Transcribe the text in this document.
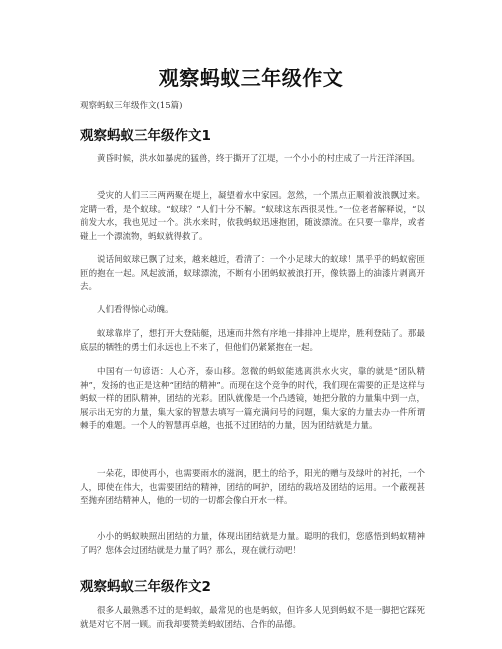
观察蚂蚁三年级作文
观察蚂蚁三年级作文(15篇)
观察蚂蚁三年级作文1
黄昏时候，洪水如暴虎的猛兽，终于撕开了江堤，一个小小的村庄成了一片汪洋泽国。
受灾的人们三三两两聚在堤上，凝望着水中家园。忽然，一个黑点正顺着波浪飘过来。定睛一看，是个蚁球。“蚁球？”人们十分不解。“蚁球这东西很灵性。”一位老者解释说，“以前发大水，我也见过一个。洪水来时，依我蚂蚁迅速抱团，随波漂流。在只要一靠岸，或者碰上一个漂流物，蚂蚁就得救了。
说话间蚁球已飘了过来，越来越近，看清了：一个小足球大的蚁球！黑乎乎的蚂蚁密匝匝的抱在一起。风起波涌，蚁球漂流，不断有小团蚂蚁被浪打开，像铁器上的油漆片剥离开去。
人们看得惊心动魄。
蚁球靠岸了，想打开大登陆艇，迅速而井然有序地一排排冲上堤岸，胜利登陆了。那最底层的牺牲的勇士们永远也上不来了，但他们仍紧紧抱在一起。
中国有一句谚语：人心齐，泰山移。忽微的蚂蚁能逃离洪水火灾，靠的就是“团队精神”，发扬的也正是这种“团结的精神”。而现在这个竞争的时代，我们现在需要的正是这样与蚂蚁一样的团队精神，团结的光彩。团队就像是一个凸透镜，她把分散的力量集中到一点，展示出无穷的力量，集大家的智慧去填写一篇充满问号的问题，集大家的力量去办一件所谓棘手的难题。一个人的智慧再卓越，也抵不过团结的力量，因为团结就是力量。
一朵花，即使再小，也需要雨水的滋润，肥土的给予，阳光的赠与及绿叶的衬托，一个人，即使在伟大，也需要团结的精神，团结的呵护，团结的栽培及团结的运用。一个蔽视甚至抛弃团结精神人，他的一切的一切都会像白开水一样。
小小的蚂蚁映照出团结的力量，体现出团结就是力量。聪明的我们，您感悟到蚂蚁精神了吗？您体会过团结就是力量了吗？那么，现在就行动吧！
观察蚂蚁三年级作文2
很多人最熟悉不过的是蚂蚁，最常见的也是蚂蚁，但许多人见到蚂蚁不是一脚把它踩死就是对它不屑一顾。而我却要赞美蚂蚁团结、合作的品德。
